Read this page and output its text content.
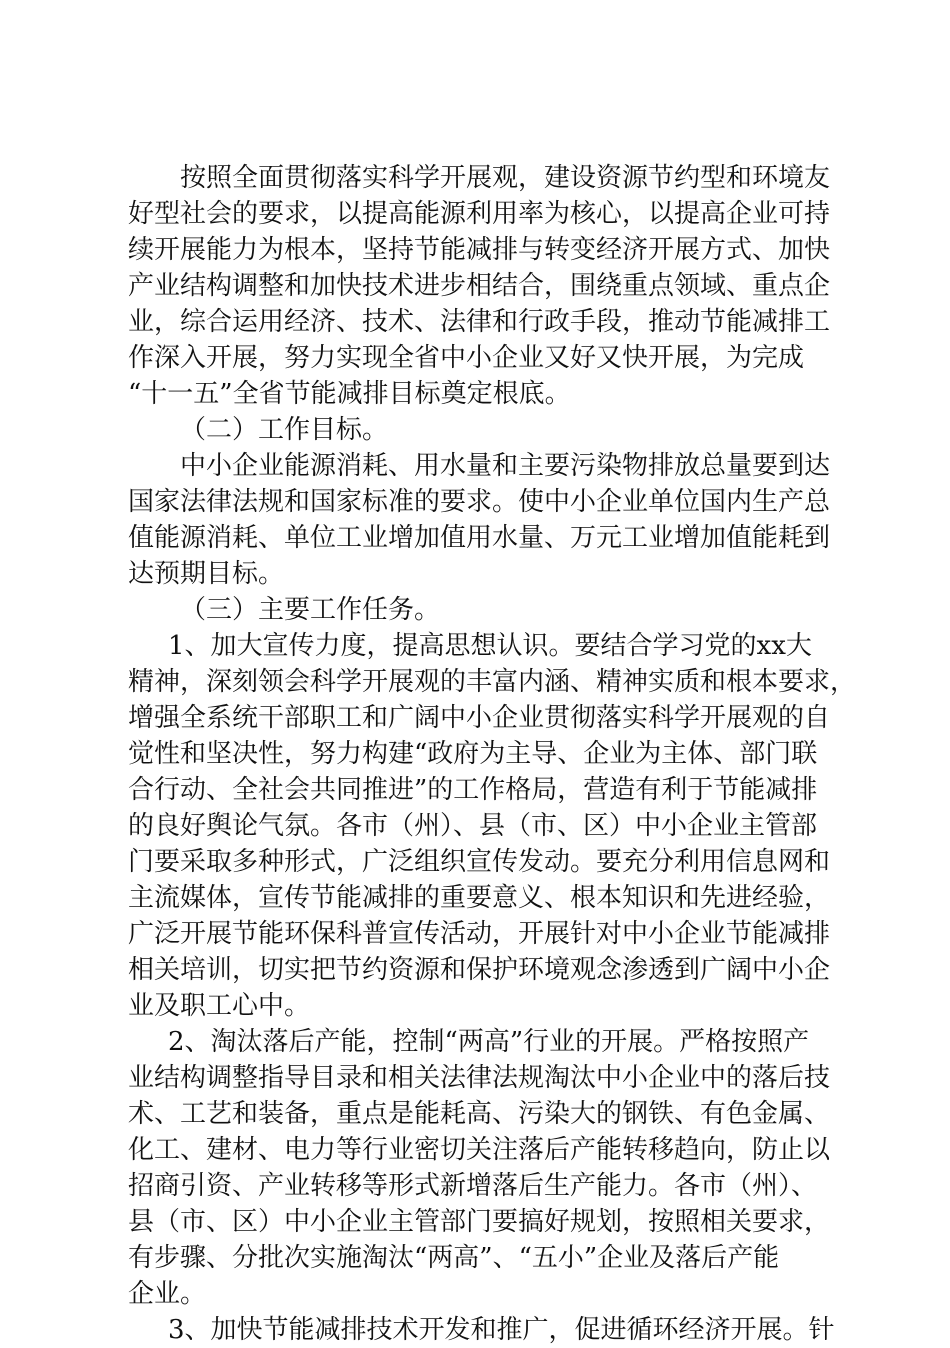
按照全面贯彻落实科学开展观，建设资源节约型和环境友
好型社会的要求，以提高能源利用率为核心，以提高企业可持
续开展能力为根本，坚持节能减排与转变经济开展方式、加快
产业结构调整和加快技术进步相结合，围绕重点领域、重点企
业，综合运用经济、技术、法律和行政手段，推动节能减排工
作深入开展，努力实现全省中小企业又好又快开展，为完成
“十一五”全省节能减排目标奠定根底。
（二）工作目标。
中小企业能源消耗、用水量和主要污染物排放总量要到达
国家法律法规和国家标准的要求。使中小企业单位国内生产总
值能源消耗、单位工业增加值用水量、万元工业增加值能耗到
达预期目标。
（三）主要工作任务。
1、加大宣传力度，提高思想认识。要结合学习党的xx大
精神，深刻领会科学开展观的丰富内涵、精神实质和根本要求，
增强全系统干部职工和广阔中小企业贯彻落实科学开展观的自
觉性和坚决性，努力构建“政府为主导、企业为主体、部门联
合行动、全社会共同推进”的工作格局，营造有利于节能减排
的良好舆论气氛。各市（州）、县（市、区）中小企业主管部
门要采取多种形式，广泛组织宣传发动。要充分利用信息网和
主流媒体，宣传节能减排的重要意义、根本知识和先进经验，
广泛开展节能环保科普宣传活动，开展针对中小企业节能减排
相关培训，切实把节约资源和保护环境观念渗透到广阔中小企
业及职工心中。
2、淘汰落后产能，控制“两高”行业的开展。严格按照产
业结构调整指导目录和相关法律法规淘汰中小企业中的落后技
术、工艺和装备，重点是能耗高、污染大的钢铁、有色金属、
化工、建材、电力等行业密切关注落后产能转移趋向，防止以
招商引资、产业转移等形式新增落后生产能力。各市（州）、
县（市、区）中小企业主管部门要搞好规划，按照相关要求，
有步骤、分批次实施淘汰“两高”、“五小”企业及落后产能
企业。
3、加快节能减排技术开发和推广，促进循环经济开展。针
